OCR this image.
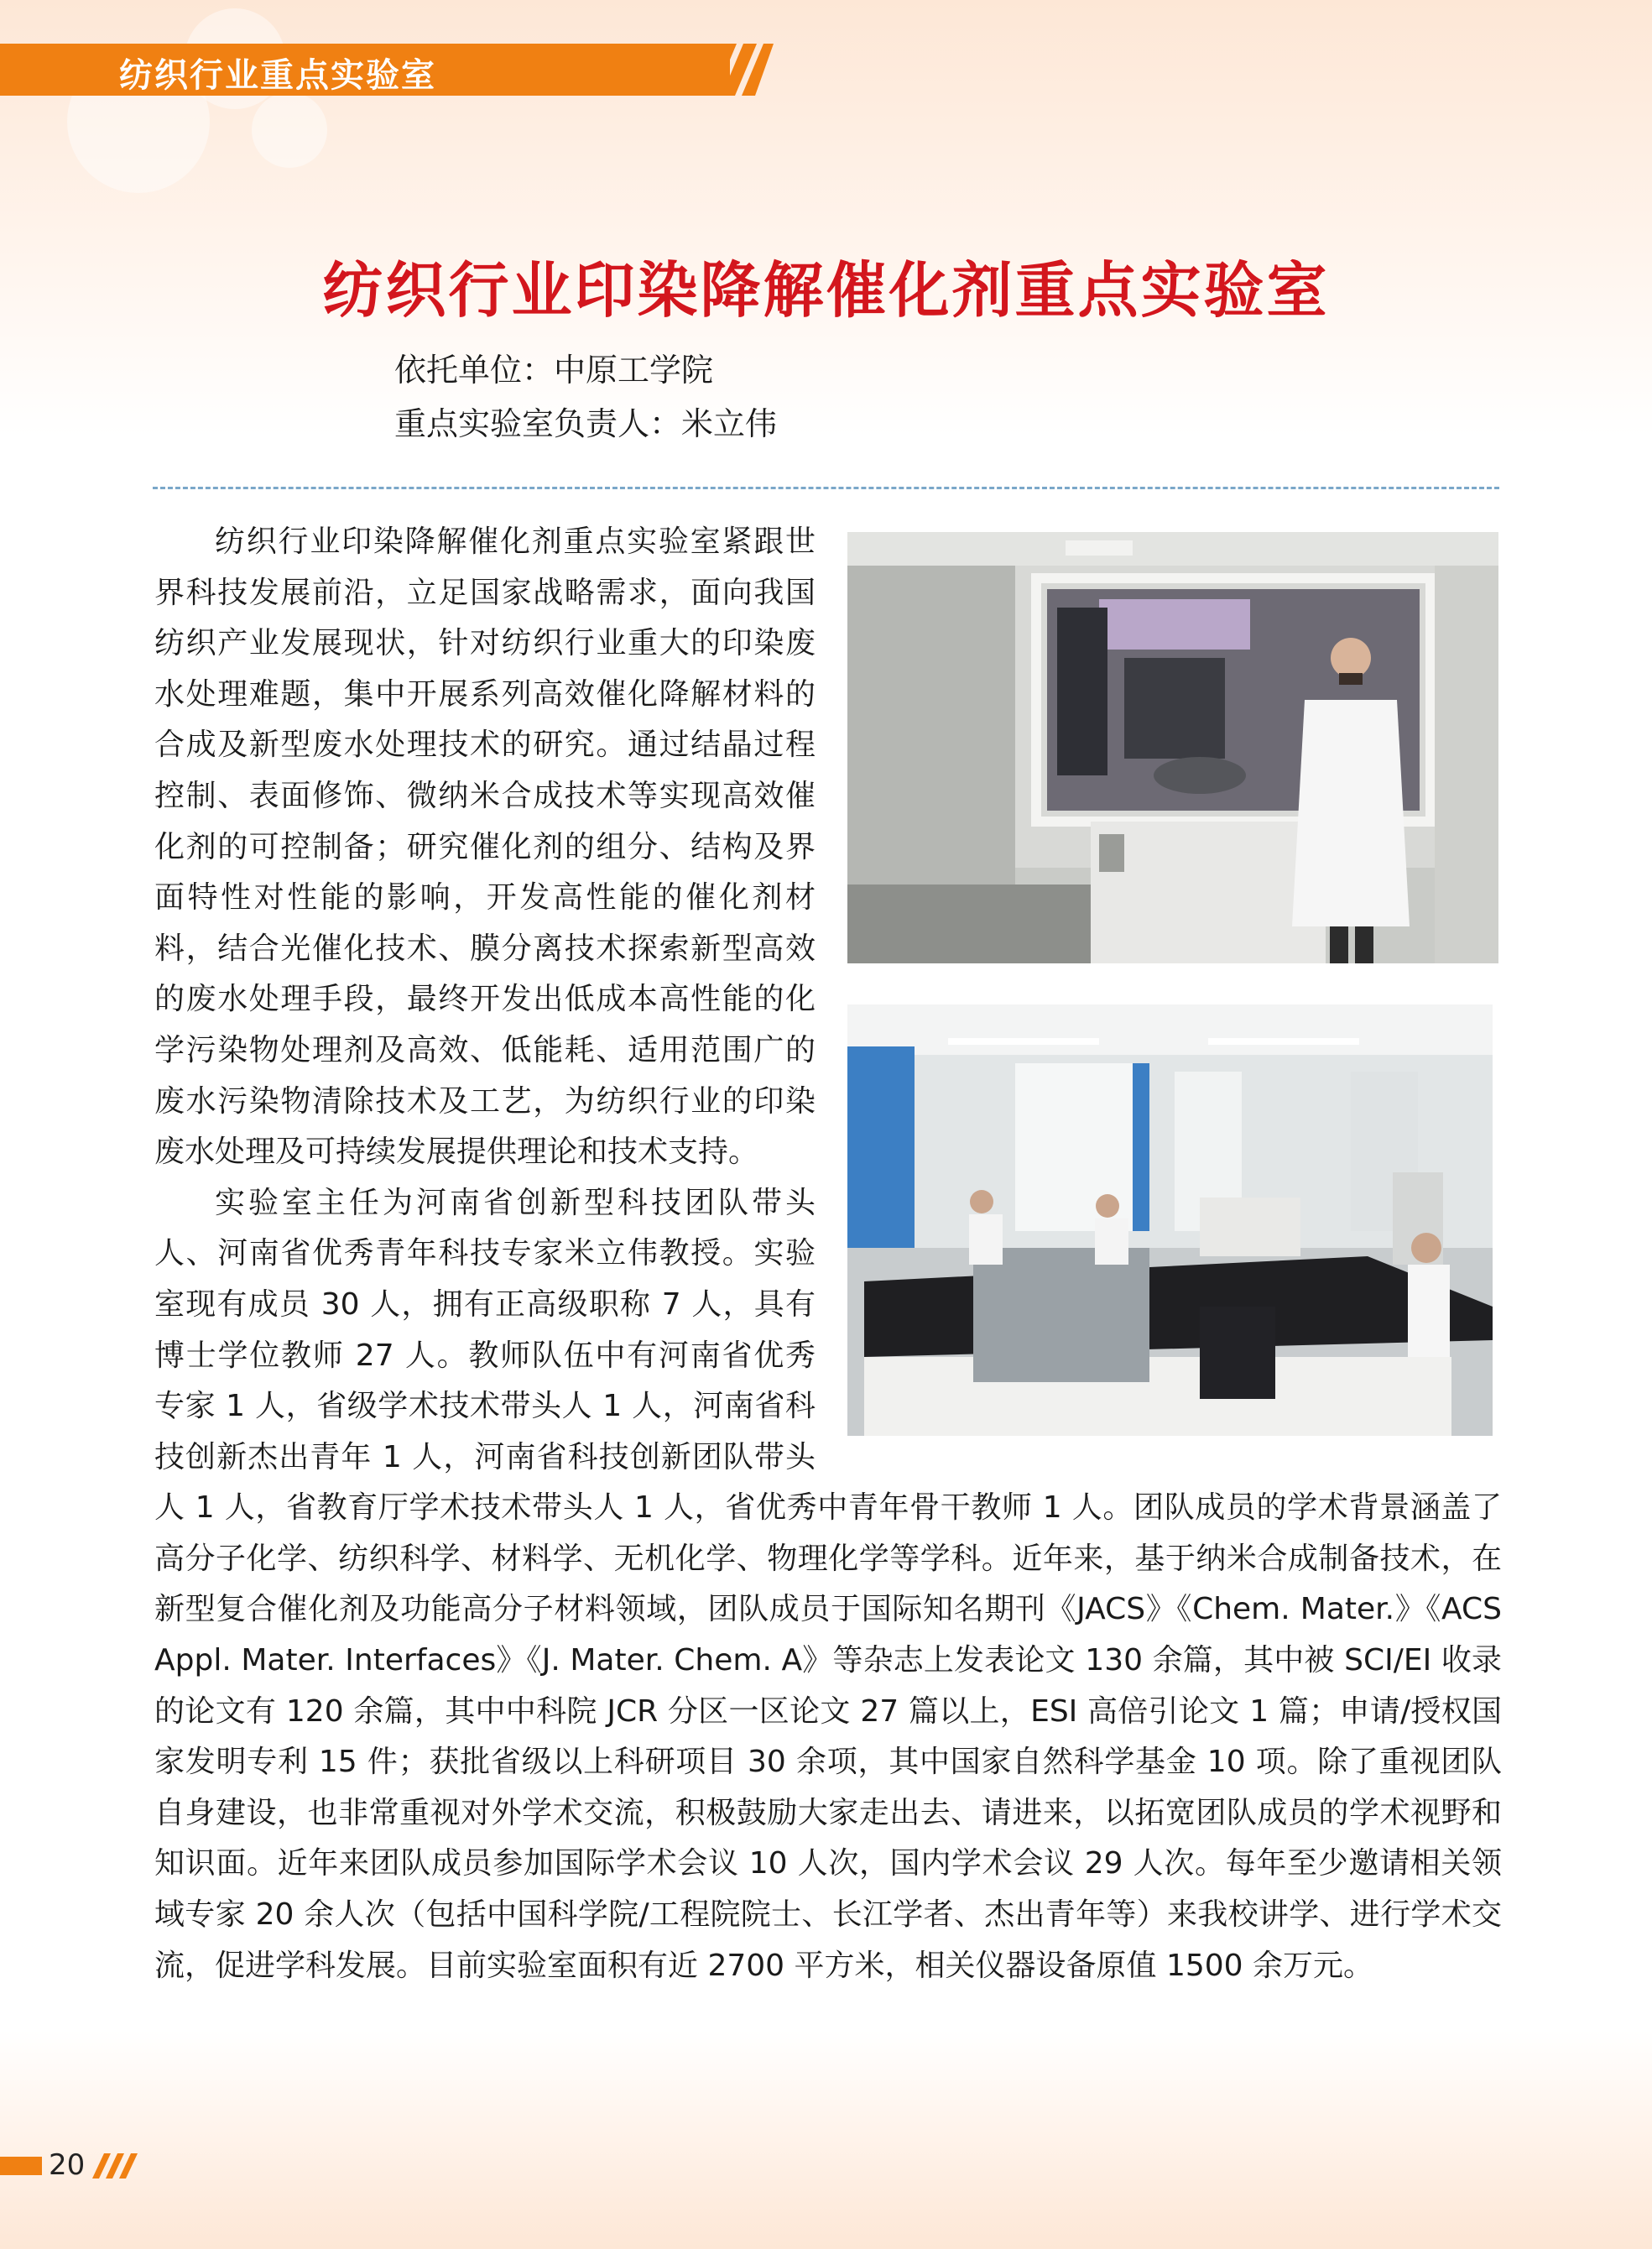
纺织行业重点实验室
纺织行业印染降解催化剂重点实验室
依托单位：中原工学院
重点实验室负责人：米立伟

纺织行业印染降解催化剂重点实验室紧跟世界科技发展前沿，立足国家战略需求，面向我国纺织产业发展现状，针对纺织行业重大的印染废水处理难题，集中开展系列高效催化降解材料的合成及新型废水处理技术的研究。通过结晶过程控制、表面修饰、微纳米合成技术等实现高效催化剂的可控制备；研究催化剂的组分、结构及界面特性对性能的影响，开发高性能的催化剂材料，结合光催化技术、膜分离技术探索新型高效的废水处理手段，最终开发出低成本高性能的化学污染物处理剂及高效、低能耗、适用范围广的废水污染物清除技术及工艺，为纺织行业的印染废水处理及可持续发展提供理论和技术支持。

实验室主任为河南省创新型科技团队带头人、河南省优秀青年科技专家米立伟教授。实验室现有成员 30 人，拥有正高级职称 7 人，具有博士学位教师 27 人。教师队伍中有河南省优秀专家 1 人，省级学术技术带头人 1 人，河南省科技创新杰出青年 1 人，河南省科技创新团队带头人 1 人，省教育厅学术技术带头人 1 人，省优秀中青年骨干教师 1 人。团队成员的学术背景涵盖了高分子化学、纺织科学、材料学、无机化学、物理化学等学科。近年来，基于纳米合成制备技术，在新型复合催化剂及功能高分子材料领域，团队成员于国际知名期刊《JACS》《Chem. Mater.》《ACS Appl. Mater. Interfaces》《J. Mater. Chem. A》等杂志上发表论文 130 余篇，其中被 SCI/EI 收录的论文有 120 余篇，其中中科院 JCR 分区一区论文 27 篇以上，ESI 高倍引论文 1 篇；申请/授权国家发明专利 15 件；获批省级以上科研项目 30 余项，其中国家自然科学基金 10 项。除了重视团队自身建设，也非常重视对外学术交流，积极鼓励大家走出去、请进来，以拓宽团队成员的学术视野和知识面。近年来团队成员参加国际学术会议 10 人次，国内学术会议 29 人次。每年至少邀请相关领域专家 20 余人次（包括中国科学院/工程院院士、长江学者、杰出青年等）来我校讲学、进行学术交流，促进学科发展。目前实验室面积有近 2700 平方米，相关仪器设备原值 1500 余万元。

20
